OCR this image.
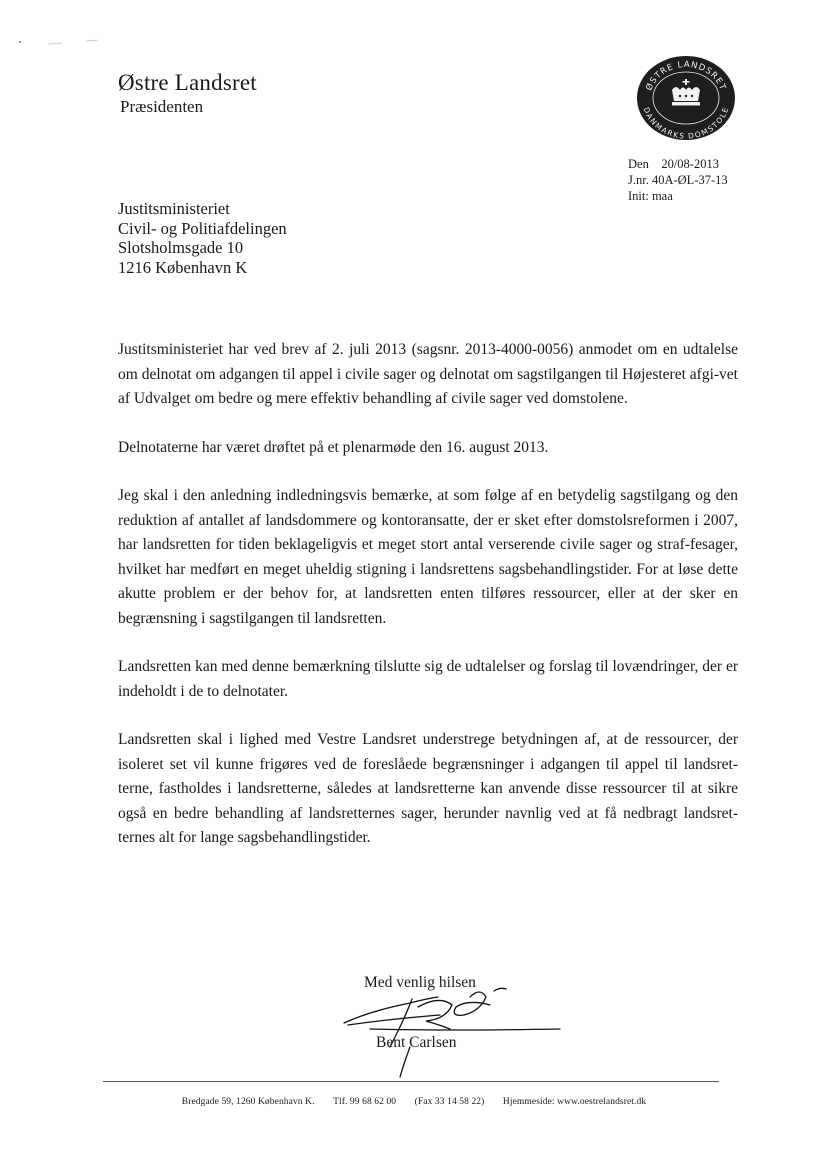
Østre Landsret
Præsidenten
ØSTRE LANDSRET
DANMARKS DOMSTOLE
Den 20/08-2013
J.nr. 40A-ØL-37-13
Init: maa
Justitsministeriet
Civil- og Politiafdelingen
Slotsholmsgade 10
1216 København K

Justitsministeriet har ved brev af 2. juli 2013 (sagsnr. 2013-4000-0056) anmodet om en udtalelse om delnotat om adgangen til appel i civile sager og delnotat om sagstilgangen til Højesteret afgi-vet af Udvalget om bedre og mere effektiv behandling af civile sager ved domstolene.

Delnotaterne har været drøftet på et plenarmøde den 16. august 2013.

Jeg skal i den anledning indledningsvis bemærke, at som følge af en betydelig sagstilgang og den reduktion af antallet af landsdommere og kontoransatte, der er sket efter domstolsreformen i 2007, har landsretten for tiden beklageligvis et meget stort antal verserende civile sager og straf-fesager, hvilket har medført en meget uheldig stigning i landsrettens sagsbehandlingstider. For at løse dette akutte problem er der behov for, at landsretten enten tilføres ressourcer, eller at der sker en begrænsning i sagstilgangen til landsretten.

Landsretten kan med denne bemærkning tilslutte sig de udtalelser og forslag til lovændringer, der er indeholdt i de to delnotater.

Landsretten skal i lighed med Vestre Landsret understrege betydningen af, at de ressourcer, der isoleret set vil kunne frigøres ved de foreslåede begrænsninger i adgangen til appel til landsret-terne, fastholdes i landsretterne, således at landsretterne kan anvende disse ressourcer til at sikre også en bedre behandling af landsretternes sager, herunder navnlig ved at få nedbragt landsret-ternes alt for lange sagsbehandlingstider.

Med venlig hilsen
Bent Carlsen
Bredgade 59, 1260 København K. Tlf. 99 68 62 00 (Fax 33 14 58 22) Hjemmeside: www.oestrelandsret.dk
